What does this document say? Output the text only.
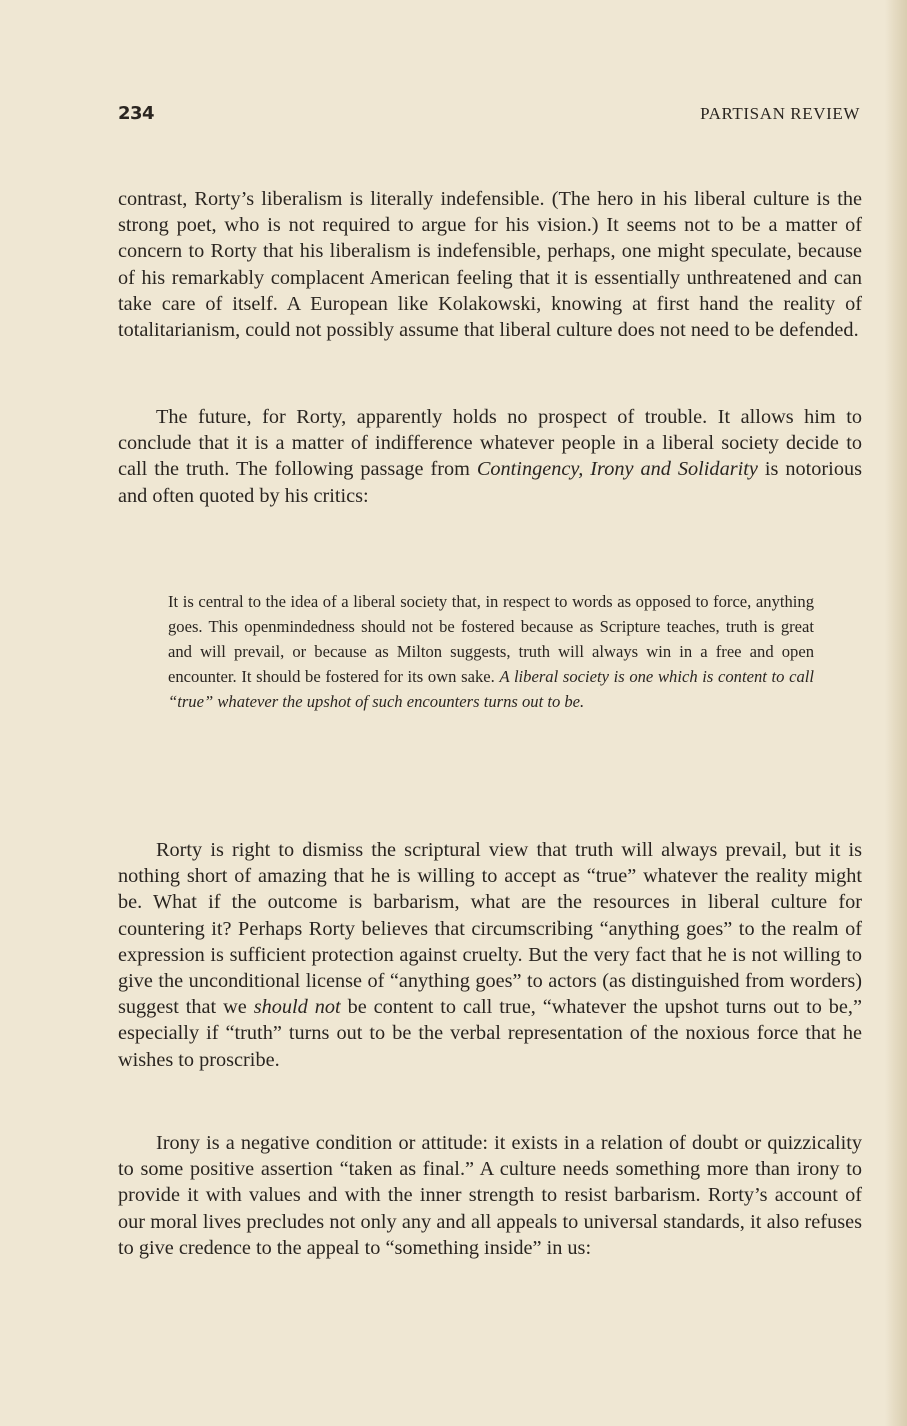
234	PARTISAN REVIEW

contrast, Rorty’s liberalism is literally indefensible. (The hero in his liberal culture is the strong poet, who is not required to argue for his vision.) It seems not to be a matter of concern to Rorty that his liberalism is indefensible, perhaps, one might speculate, because of his remarkably complacent American feeling that it is essentially unthreatened and can take care of itself. A European like Kolakowski, knowing at first hand the reality of totalitarianism, could not possibly assume that liberal culture does not need to be defended.

The future, for Rorty, apparently holds no prospect of trouble. It allows him to conclude that it is a matter of indifference whatever people in a liberal society decide to call the truth. The following passage from Contingency, Irony and Solidarity is notorious and often quoted by his critics:

It is central to the idea of a liberal society that, in respect to words as opposed to force, anything goes. This openmindedness should not be fostered because as Scripture teaches, truth is great and will prevail, or because as Milton suggests, truth will always win in a free and open encounter. It should be fostered for its own sake. A liberal society is one which is content to call “true” whatever the upshot of such encounters turns out to be.

Rorty is right to dismiss the scriptural view that truth will always prevail, but it is nothing short of amazing that he is willing to accept as “true” whatever the reality might be. What if the outcome is barbarism, what are the resources in liberal culture for countering it? Perhaps Rorty believes that circumscribing “anything goes” to the realm of expression is sufficient protection against cruelty. But the very fact that he is not willing to give the unconditional license of “anything goes” to actors (as distinguished from worders) suggest that we should not be content to call true, “whatever the upshot turns out to be,” especially if “truth” turns out to be the verbal representation of the noxious force that he wishes to proscribe.

Irony is a negative condition or attitude: it exists in a relation of doubt or quizzicality to some positive assertion “taken as final.” A culture needs something more than irony to provide it with values and with the inner strength to resist barbarism. Rorty’s account of our moral lives precludes not only any and all appeals to universal standards, it also refuses to give credence to the appeal to “something inside” in us:
